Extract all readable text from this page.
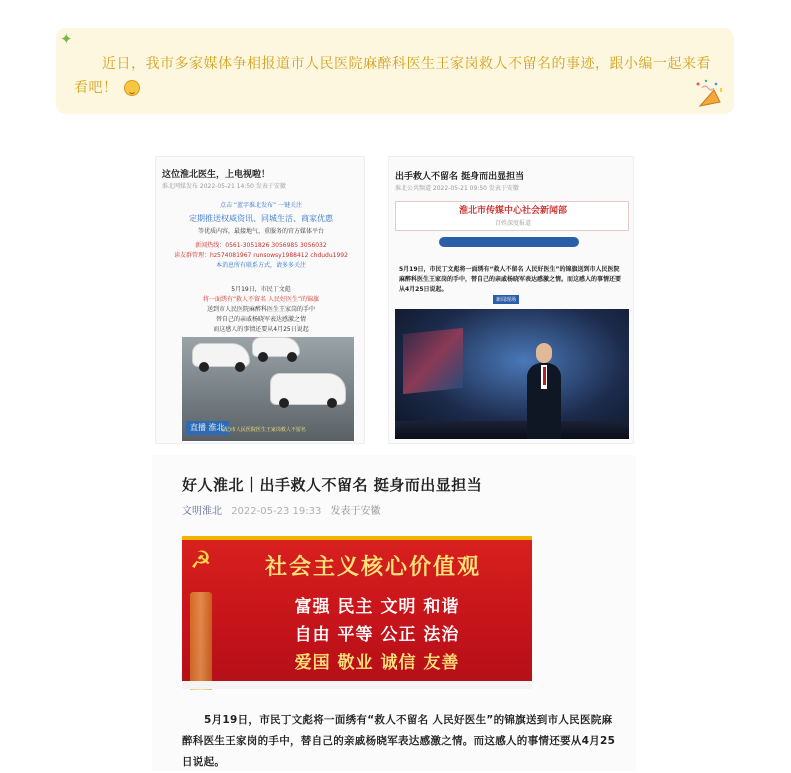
✦

近日，我市多家媒体争相报道市人民医院麻醉科医生王家岗救人不留名的事迹，跟小编一起来看看吧！

这位淮北医生，上电视啦！
淮北网媒发布 2022-05-21 14:50 发表于安徽
点击 “蓝字淮北发布” 一键关注
定期推送权威资讯、同城生活、商家优惠
等优质内容，最接地气、重服务的官方媒体平台
新闻热线：0561-3051826 3056985 3056032
读友群管理：hz574081967 runsowsy1988412 chdudu1992
本消息所有联系方式，请多多关注
5月19日，市民丁文彪
将一面绣有“救人不留名 人民好医生”的锦旗
送到市人民医院麻醉科医生王家岗的手中
替自己的亲戚杨晓军表达感激之情
而这感人的事情还要从4月25日说起
直播 淮北
(配)市人民医院医生王家岗救人不留名
出手救人不留名 挺身而出显担当
淮北公共频道 2022-05-21 09:50 发表于安徽
淮北市传媒中心社会新闻部
百姓深度报道
5月19日，市民丁文彪将一面绣有“救人不留名 人民好医生”的锦旗送到市人民医院麻醉科医生王家岗的手中，替自己的亲戚杨晓军表达感激之情。而这感人的事情还要从4月25日说起。
新闻现场
好人淮北｜出手救人不留名 挺身而出显担当
文明淮北 2022-05-23 19:33 发表于安徽
☭	社会主义核心价值观
富强 民主 文明 和谐
自由 平等 公正 法治
爱国 敬业 诚信 友善

5月19日，市民丁文彪将一面绣有“救人不留名 人民好医生”的锦旗送到市人民医院麻醉科医生王家岗的手中，替自己的亲戚杨晓军表达感激之情。而这感人的事情还要从4月25日说起。
